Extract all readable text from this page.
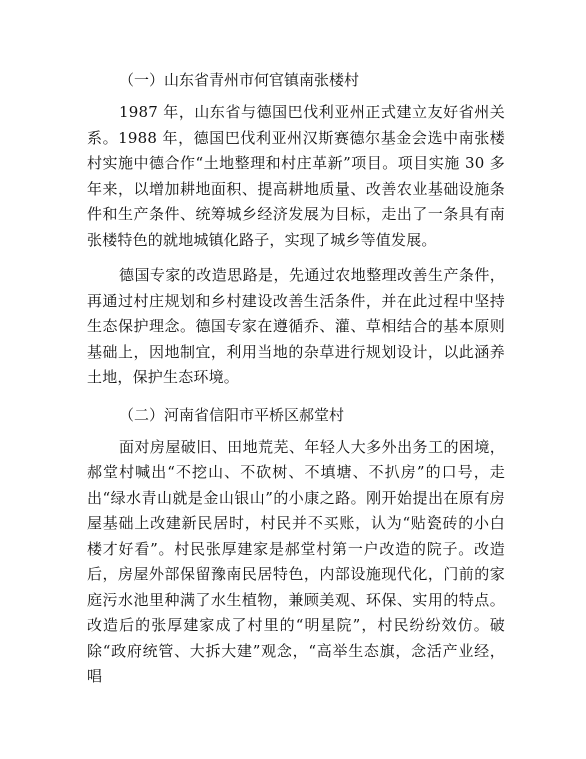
（一）山东省青州市何官镇南张楼村

1987 年，山东省与德国巴伐利亚州正式建立友好省州关系。1988 年，德国巴伐利亚州汉斯赛德尔基金会选中南张楼村实施中德合作“土地整理和村庄革新”项目。项目实施 30 多年来，以增加耕地面积、提高耕地质量、改善农业基础设施条件和生产条件、统筹城乡经济发展为目标，走出了一条具有南张楼特色的就地城镇化路子，实现了城乡等值发展。

德国专家的改造思路是，先通过农地整理改善生产条件，再通过村庄规划和乡村建设改善生活条件，并在此过程中坚持生态保护理念。德国专家在遵循乔、灌、草相结合的基本原则基础上，因地制宜，利用当地的杂草进行规划设计，以此涵养土地，保护生态环境。

（二）河南省信阳市平桥区郝堂村

面对房屋破旧、田地荒芜、年轻人大多外出务工的困境，郝堂村喊出“不挖山、不砍树、不填塘、不扒房”的口号，走出“绿水青山就是金山银山”的小康之路。刚开始提出在原有房屋基础上改建新民居时，村民并不买账，认为“贴瓷砖的小白楼才好看”。村民张厚建家是郝堂村第一户改造的院子。改造后，房屋外部保留豫南民居特色，内部设施现代化，门前的家庭污水池里种满了水生植物，兼顾美观、环保、实用的特点。改造后的张厚建家成了村里的“明星院”，村民纷纷效仿。破除“政府统管、大拆大建”观念，“高举生态旗，念活产业经，唱
